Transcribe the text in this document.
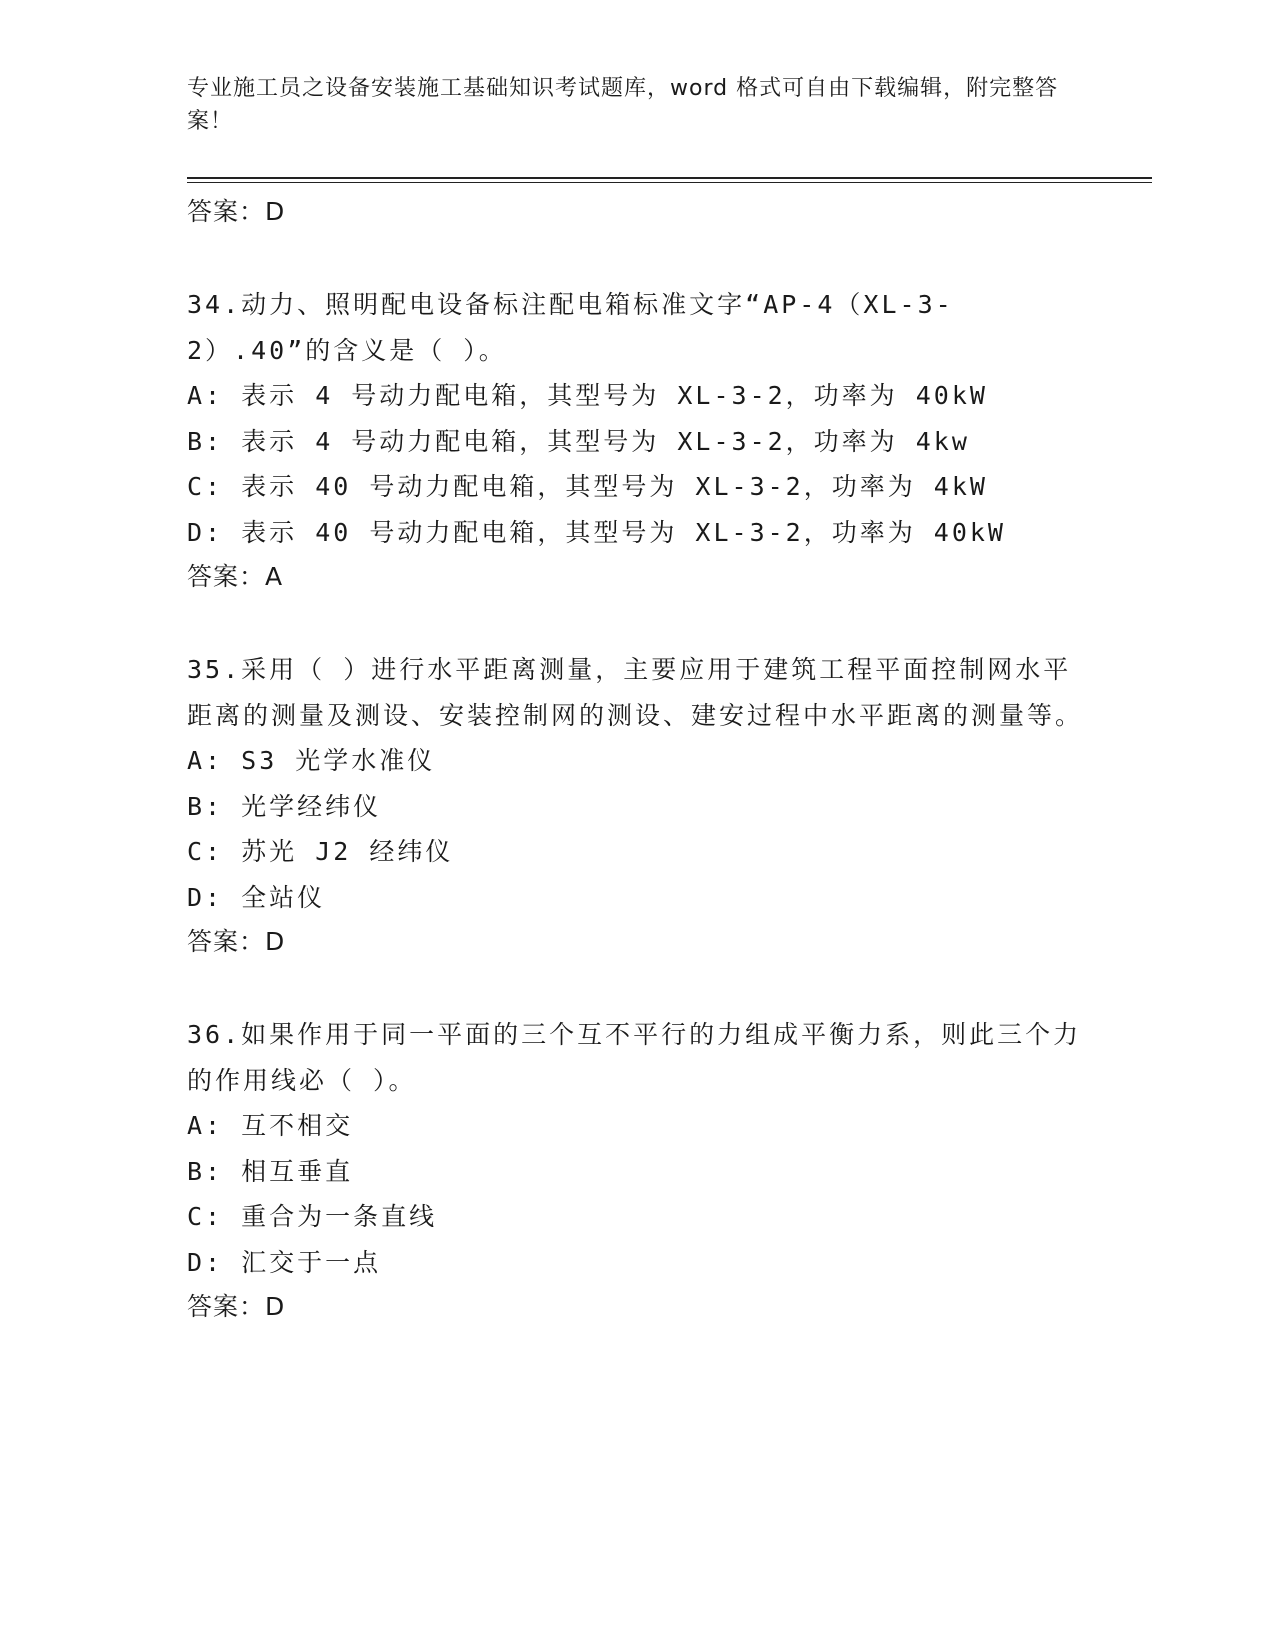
专业施工员之设备安装施工基础知识考试题库，word 格式可自由下载编辑，附完整答案！

答案：D

34.动力、照明配电设备标注配电箱标准文字“AP-4（XL-3-2）.40”的含义是（ ）。

A: 表示 4 号动力配电箱，其型号为 XL-3-2，功率为 40kW

B: 表示 4 号动力配电箱，其型号为 XL-3-2，功率为 4kw

C: 表示 40 号动力配电箱，其型号为 XL-3-2，功率为 4kW

D: 表示 40 号动力配电箱，其型号为 XL-3-2，功率为 40kW

答案：A

35.采用（ ）进行水平距离测量，主要应用于建筑工程平面控制网水平距离的测量及测设、安装控制网的测设、建安过程中水平距离的测量等。

A: S3 光学水准仪

B: 光学经纬仪

C: 苏光 J2 经纬仪

D: 全站仪

答案：D

36.如果作用于同一平面的三个互不平行的力组成平衡力系，则此三个力的作用线必（ ）。

A: 互不相交

B: 相互垂直

C: 重合为一条直线

D: 汇交于一点

答案：D
